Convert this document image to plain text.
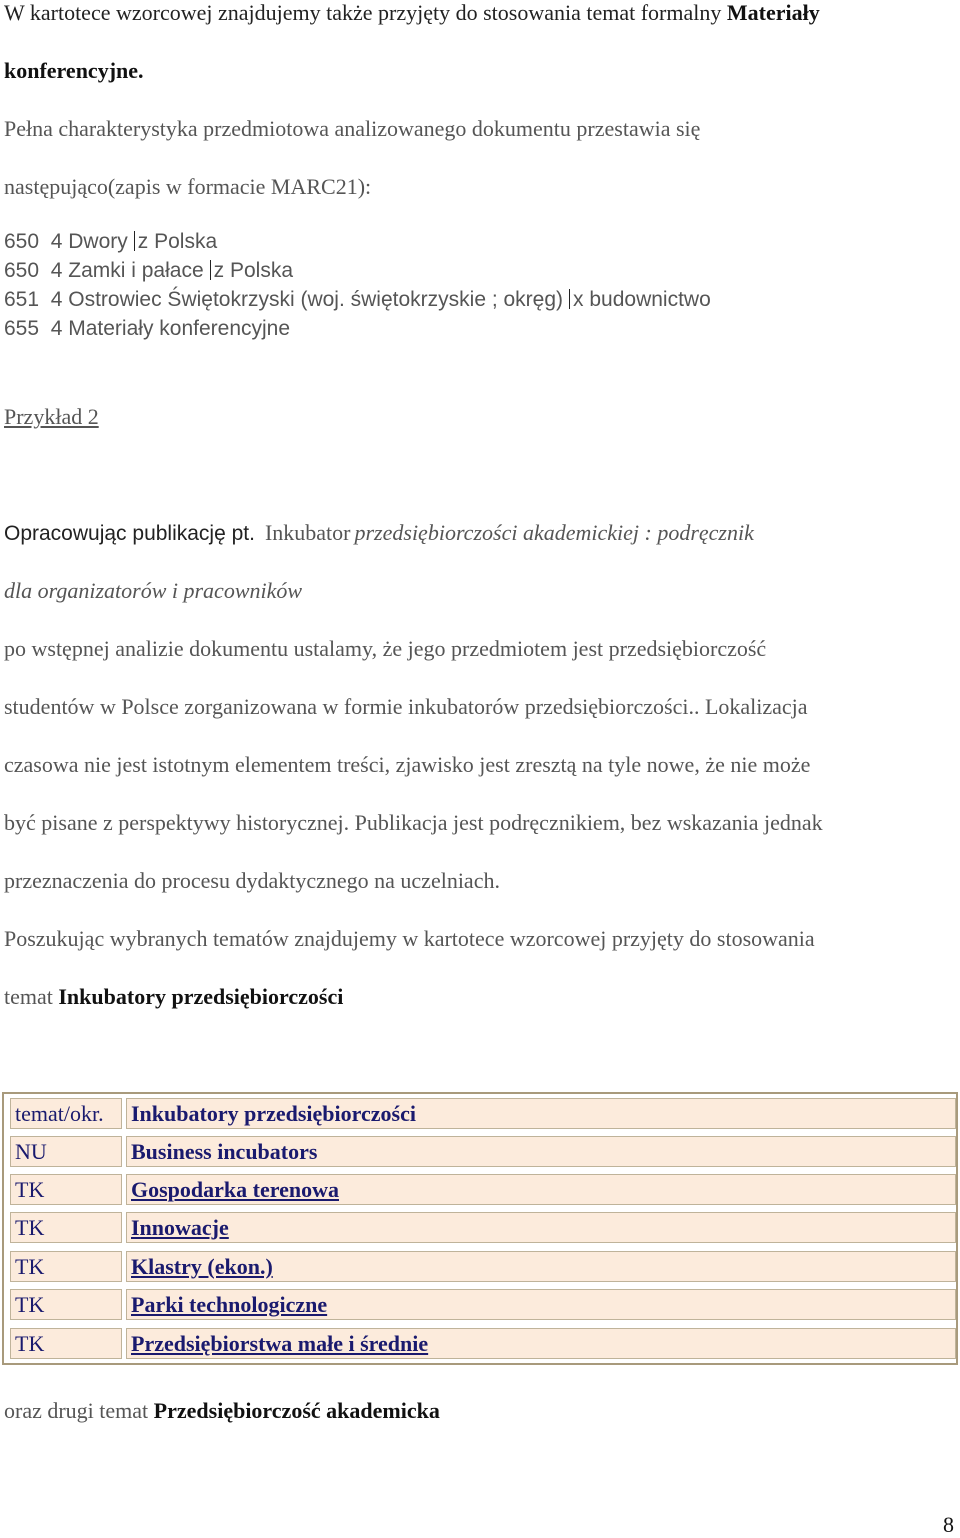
W kartotece wzorcowej znajdujemy także przyjęty do stosowania temat formalny Materiały
konferencyjne.
Pełna charakterystyka przedmiotowa analizowanego dokumentu przestawia się
następująco(zapis w formacie MARC21):
650 4 Dwory z Polska
650 4 Zamki i pałace z Polska
651 4 Ostrowiec Świętokrzyski (woj. świętokrzyskie ; okręg) x budownictwo
655 4 Materiały konferencyjne
Przykład 2
Opracowując publikację pt. Inkubator przedsiębiorczości akademickiej : podręcznik
dla organizatorów i pracowników
po wstępnej analizie dokumentu ustalamy, że jego przedmiotem jest przedsiębiorczość
studentów w Polsce zorganizowana w formie inkubatorów przedsiębiorczości.. Lokalizacja
czasowa nie jest istotnym elementem treści, zjawisko jest zresztą na tyle nowe, że nie może
być pisane z perspektywy historycznej. Publikacja jest podręcznikiem, bez wskazania jednak
przeznaczenia do procesu dydaktycznego na uczelniach.
Poszukując wybranych tematów znajdujemy w kartotece wzorcowej przyjęty do stosowania
temat Inkubatory przedsiębiorczości
temat/okr.	Inkubatory przedsiębiorczości
NU	Business incubators
TK	Gospodarka terenowa
TK	Innowacje
TK	Klastry (ekon.)
TK	Parki technologiczne
TK	Przedsiębiorstwa małe i średnie
oraz drugi temat Przedsiębiorczość akademicka
8
